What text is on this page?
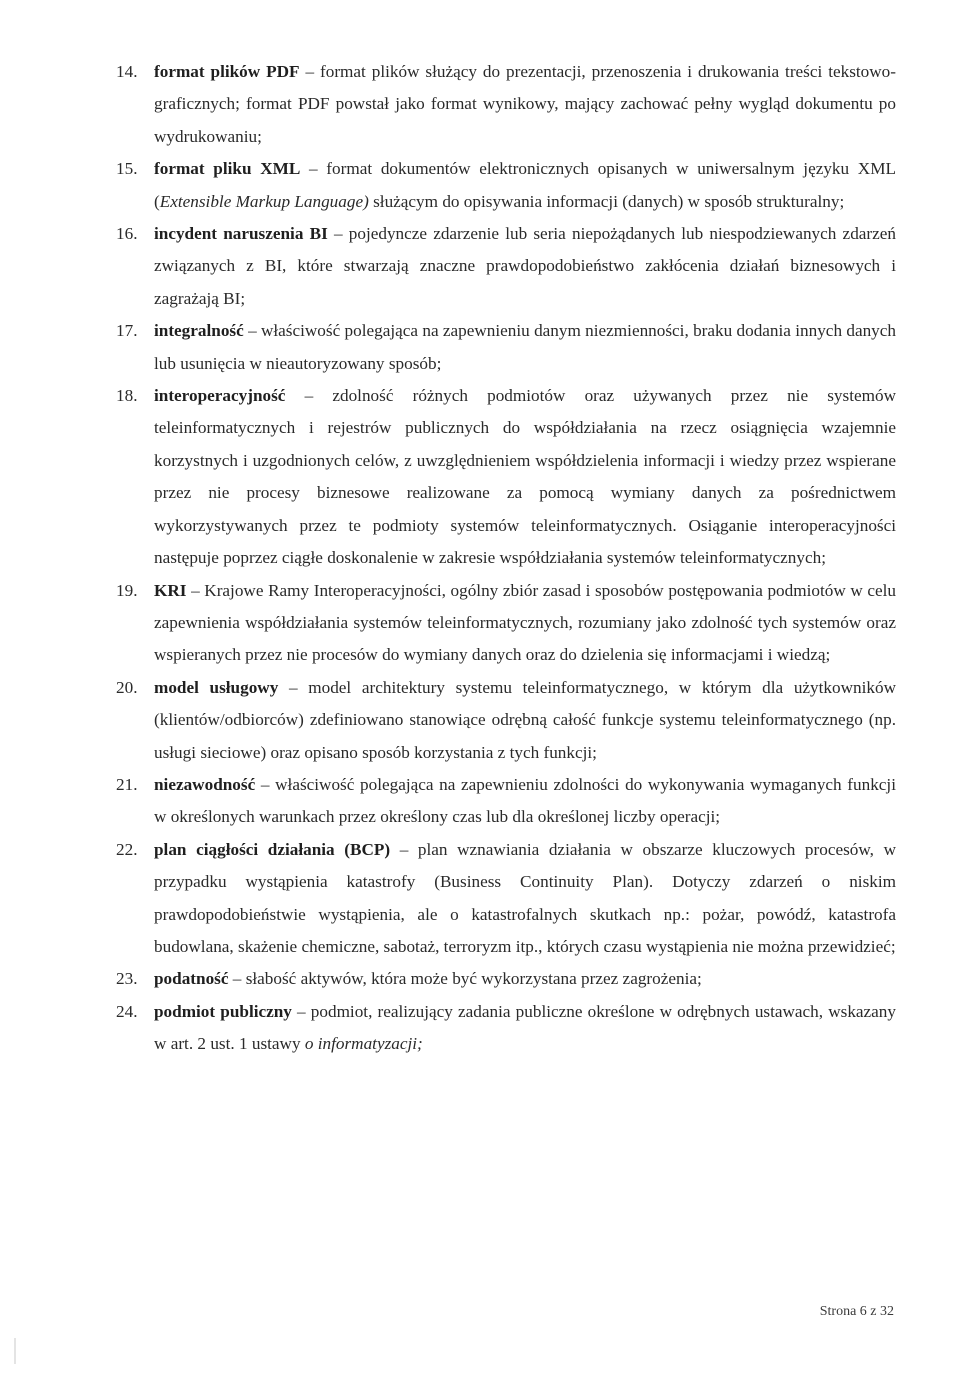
14. format plików PDF – format plików służący do prezentacji, przenoszenia i drukowania treści tekstowo-graficznych; format PDF powstał jako format wynikowy, mający zachować pełny wygląd dokumentu po wydrukowaniu;
15. format pliku XML – format dokumentów elektronicznych opisanych w uniwersalnym języku XML (Extensible Markup Language) służącym do opisywania informacji (danych) w sposób strukturalny;
16. incydent naruszenia BI – pojedyncze zdarzenie lub seria niepożądanych lub niespodziewanych zdarzeń związanych z BI, które stwarzają znaczne prawdopodobieństwo zakłócenia działań biznesowych i zagrażają BI;
17. integralność – właściwość polegająca na zapewnieniu danym niezmienności, braku dodania innych danych lub usunięcia w nieautoryzowany sposób;
18. interoperacyjność – zdolność różnych podmiotów oraz używanych przez nie systemów teleinformatycznych i rejestrów publicznych do współdziałania na rzecz osiągnięcia wzajemnie korzystnych i uzgodnionych celów, z uwzględnieniem współdzielenia informacji i wiedzy przez wspierane przez nie procesy biznesowe realizowane za pomocą wymiany danych za pośrednictwem wykorzystywanych przez te podmioty systemów teleinformatycznych. Osiąganie interoperacyjności następuje poprzez ciągłe doskonalenie w zakresie współdziałania systemów teleinformatycznych;
19. KRI – Krajowe Ramy Interoperacyjności, ogólny zbiór zasad i sposobów postępowania podmiotów w celu zapewnienia współdziałania systemów teleinformatycznych, rozumiany jako zdolność tych systemów oraz wspieranych przez nie procesów do wymiany danych oraz do dzielenia się informacjami i wiedzą;
20. model usługowy – model architektury systemu teleinformatycznego, w którym dla użytkowników (klientów/odbiorców) zdefiniowano stanowiące odrębną całość funkcje systemu teleinformatycznego (np. usługi sieciowe) oraz opisano sposób korzystania z tych funkcji;
21. niezawodność – właściwość polegająca na zapewnieniu zdolności do wykonywania wymaganych funkcji w określonych warunkach przez określony czas lub dla określonej liczby operacji;
22. plan ciągłości działania (BCP) – plan wznawiania działania w obszarze kluczowych procesów, w przypadku wystąpienia katastrofy (Business Continuity Plan). Dotyczy zdarzeń o niskim prawdopodobieństwie wystąpienia, ale o katastrofalnych skutkach np.: pożar, powódź, katastrofa budowlana, skażenie chemiczne, sabotaż, terroryzm itp., których czasu wystąpienia nie można przewidzieć;
23. podatność – słabość aktywów, która może być wykorzystana przez zagrożenia;
24. podmiot publiczny – podmiot, realizujący zadania publiczne określone w odrębnych ustawach, wskazany w art. 2 ust. 1 ustawy o informatyzacji;
Strona 6 z 32
